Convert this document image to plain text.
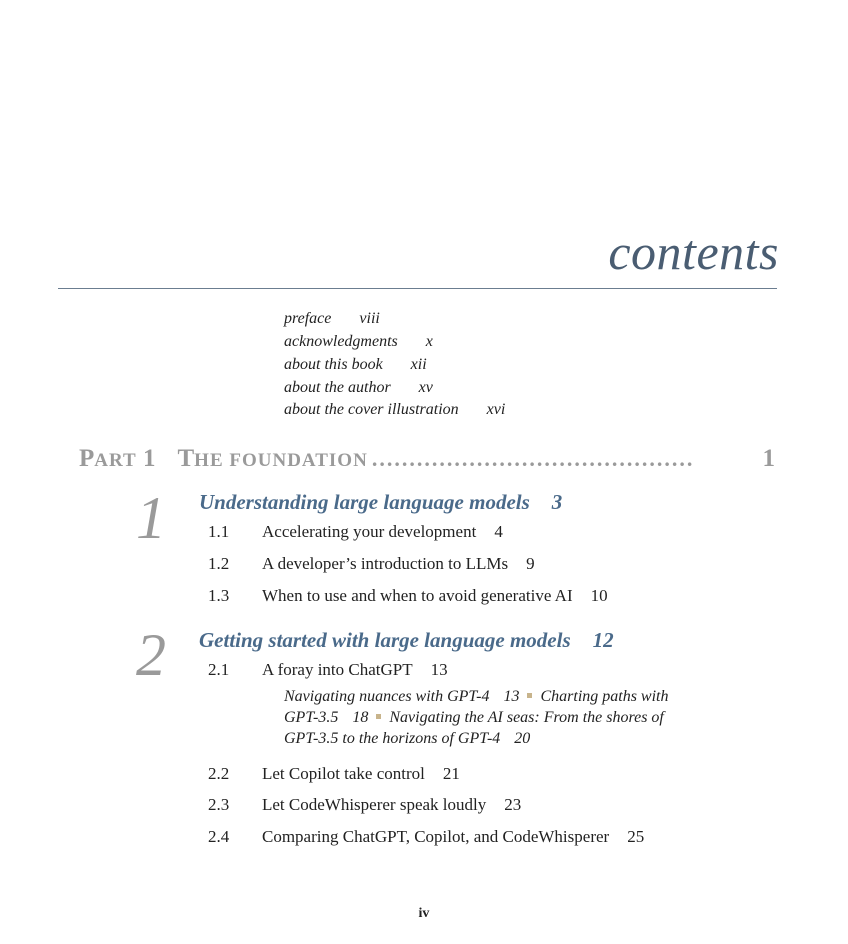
contents
preface viii
acknowledgments x
about this book xii
about the author xv
about the cover illustration xvi
P ART
1 T HE FOUNDATION ...........................................	1
1 Understanding large language models 3
1.1 Accelerating your development 4
1.2 A developer’s introduction to LLMs 9
1.3 When to use and when to avoid generative AI 10
2 Getting started with large language models 12
2.1 A foray into ChatGPT 13
Navigating nuances with GPT-4 13 Charting paths with
GPT-3.5 18 Navigating the AI seas: From the shores of
GPT-3.5 to the horizons of GPT-4 20
2.2 Let Copilot take control 21
2.3 Let CodeWhisperer speak loudly 23
2.4 Comparing ChatGPT, Copilot, and CodeWhisperer 25
iv
